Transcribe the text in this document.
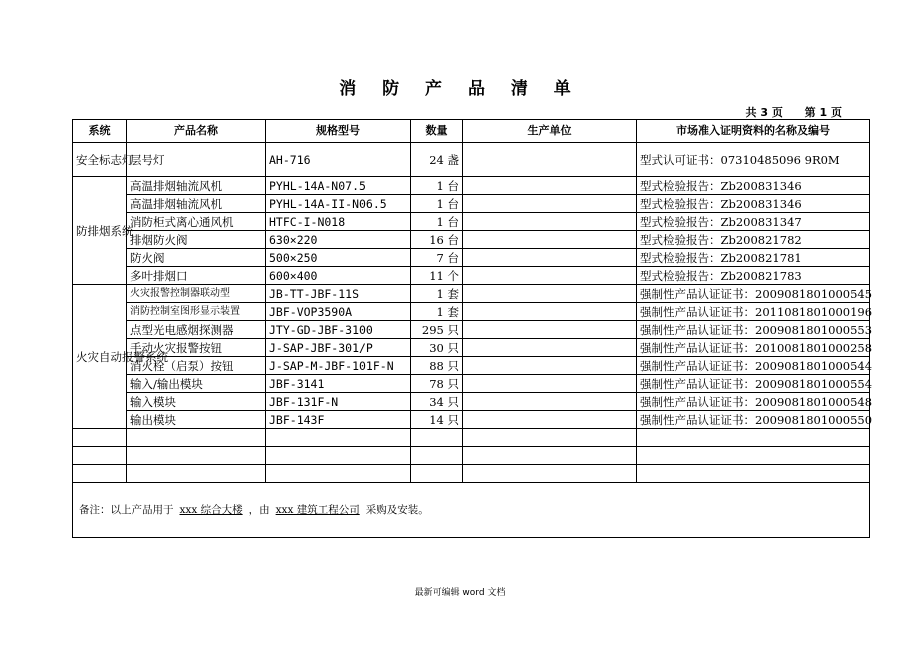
消 防 产 品 清 单
共 3 页 第 1 页
系统	产品名称	规格型号	数量	生产单位	市场准入证明资料的名称及编号
安全标志灯	层号灯	AH-716	24 盏		型式认可证书：07310485096 9R0M
防排烟系统	高温排烟轴流风机	PYHL-14A-N07.5	1 台		型式检验报告：Zb200831346
	高温排烟轴流风机	PYHL-14A-II-N06.5	1 台		型式检验报告：Zb200831346
	消防柜式离心通风机	HTFC-I-N018	1 台		型式检验报告：Zb200831347
	排烟防火阀	630×220	16 台		型式检验报告：Zb200821782
	防火阀	500×250	7 台		型式检验报告：Zb200821781
	多叶排烟口	600×400	11 个		型式检验报告：Zb200821783
火灾自动报警系统	火灾报警控制器联动型	JB-TT-JBF-11S	1 套		强制性产品认证证书：2009081801000545
	消防控制室图形显示装置	JBF-VOP3590A	1 套		强制性产品认证证书：2011081801000196
	点型光电感烟探测器	JTY-GD-JBF-3100	295 只		强制性产品认证证书：2009081801000553
	手动火灾报警按钮	J-SAP-JBF-301/P	30 只		强制性产品认证证书：2010081801000258
	消火栓（启泵）按钮	J-SAP-M-JBF-101F-N	88 只		强制性产品认证证书：2009081801000544
	输入/输出模块	JBF-3141	78 只		强制性产品认证证书：2009081801000554
	输入模块	JBF-131F-N	34 只		强制性产品认证证书：2009081801000548
	输出模块	JBF-143F	14 只		强制性产品认证证书：2009081801000550

备注：以上产品用于 xxx 综合大楼 ，由 xxx 建筑工程公司 采购及安装。					
最新可编辑 word 文档
